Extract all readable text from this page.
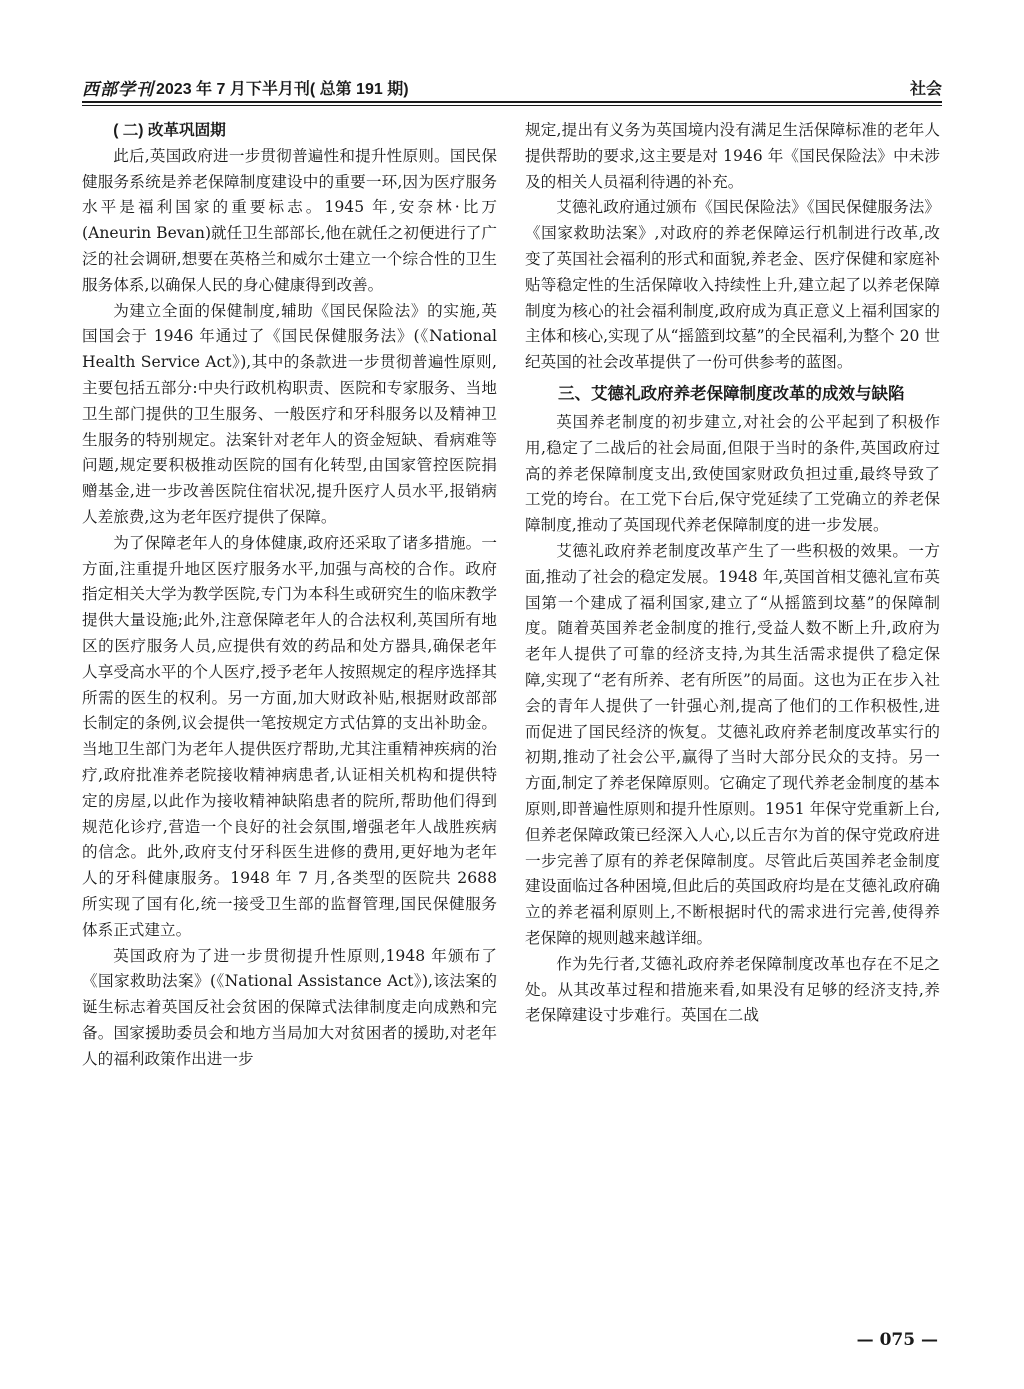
西部学刊 2023 年 7 月下半月刊( 总第 191 期)	社会

( 二) 改革巩固期

此后,英国政府进一步贯彻普遍性和提升性原则。国民保健服务系统是养老保障制度建设中的重要一环,因为医疗服务水平是福利国家的重要标志。1945 年,安奈林·比万(Aneurin Bevan)就任卫生部部长,他在就任之初便进行了广泛的社会调研,想要在英格兰和威尔士建立一个综合性的卫生服务体系,以确保人民的身心健康得到改善。

为建立全面的保健制度,辅助《国民保险法》的实施,英国国会于 1946 年通过了《国民保健服务法》(《National Health Service Act》),其中的条款进一步贯彻普遍性原则,主要包括五部分:中央行政机构职责、医院和专家服务、当地卫生部门提供的卫生服务、一般医疗和牙科服务以及精神卫生服务的特别规定。法案针对老年人的资金短缺、看病难等问题,规定要积极推动医院的国有化转型,由国家管控医院捐赠基金,进一步改善医院住宿状况,提升医疗人员水平,报销病人差旅费,这为老年医疗提供了保障。

为了保障老年人的身体健康,政府还采取了诸多措施。一方面,注重提升地区医疗服务水平,加强与高校的合作。政府指定相关大学为教学医院,专门为本科生或研究生的临床教学提供大量设施;此外,注意保障老年人的合法权利,英国所有地区的医疗服务人员,应提供有效的药品和处方器具,确保老年人享受高水平的个人医疗,授予老年人按照规定的程序选择其所需的医生的权利。另一方面,加大财政补贴,根据财政部部长制定的条例,议会提供一笔按规定方式估算的支出补助金。当地卫生部门为老年人提供医疗帮助,尤其注重精神疾病的治疗,政府批准养老院接收精神病患者,认证相关机构和提供特定的房屋,以此作为接收精神缺陷患者的院所,帮助他们得到规范化诊疗,营造一个良好的社会氛围,增强老年人战胜疾病的信念。此外,政府支付牙科医生进修的费用,更好地为老年人的牙科健康服务。1948 年 7 月,各类型的医院共 2688 所实现了国有化,统一接受卫生部的监督管理,国民保健服务体系正式建立。

英国政府为了进一步贯彻提升性原则,1948 年颁布了《国家救助法案》(《National Assistance Act》),该法案的诞生标志着英国反社会贫困的保障式法律制度走向成熟和完备。国家援助委员会和地方当局加大对贫困者的援助,对老年人的福利政策作出进一步

规定,提出有义务为英国境内没有满足生活保障标准的老年人提供帮助的要求,这主要是对 1946 年《国民保险法》中未涉及的相关人员福利待遇的补充。

艾德礼政府通过颁布《国民保险法》《国民保健服务法》《国家救助法案》,对政府的养老保障运行机制进行改革,改变了英国社会福利的形式和面貌,养老金、医疗保健和家庭补贴等稳定性的生活保障收入持续性上升,建立起了以养老保障制度为核心的社会福利制度,政府成为真正意义上福利国家的主体和核心,实现了从“摇篮到坟墓”的全民福利,为整个 20 世纪英国的社会改革提供了一份可供参考的蓝图。

三、艾德礼政府养老保障制度改革的成效与缺陷

英国养老制度的初步建立,对社会的公平起到了积极作用,稳定了二战后的社会局面,但限于当时的条件,英国政府过高的养老保障制度支出,致使国家财政负担过重,最终导致了工党的垮台。在工党下台后,保守党延续了工党确立的养老保障制度,推动了英国现代养老保障制度的进一步发展。

艾德礼政府养老制度改革产生了一些积极的效果。一方面,推动了社会的稳定发展。1948 年,英国首相艾德礼宣布英国第一个建成了福利国家,建立了“从摇篮到坟墓”的保障制度。随着英国养老金制度的推行,受益人数不断上升,政府为老年人提供了可靠的经济支持,为其生活需求提供了稳定保障,实现了“老有所养、老有所医”的局面。这也为正在步入社会的青年人提供了一针强心剂,提高了他们的工作积极性,进而促进了国民经济的恢复。艾德礼政府养老制度改革实行的初期,推动了社会公平,赢得了当时大部分民众的支持。另一方面,制定了养老保障原则。它确定了现代养老金制度的基本原则,即普遍性原则和提升性原则。1951 年保守党重新上台,但养老保障政策已经深入人心,以丘吉尔为首的保守党政府进一步完善了原有的养老保障制度。尽管此后英国养老金制度建设面临过各种困境,但此后的英国政府均是在艾德礼政府确立的养老福利原则上,不断根据时代的需求进行完善,使得养老保障的规则越来越详细。

作为先行者,艾德礼政府养老保障制度改革也存在不足之处。从其改革过程和措施来看,如果没有足够的经济支持,养老保障建设寸步难行。英国在二战

— 075 —
